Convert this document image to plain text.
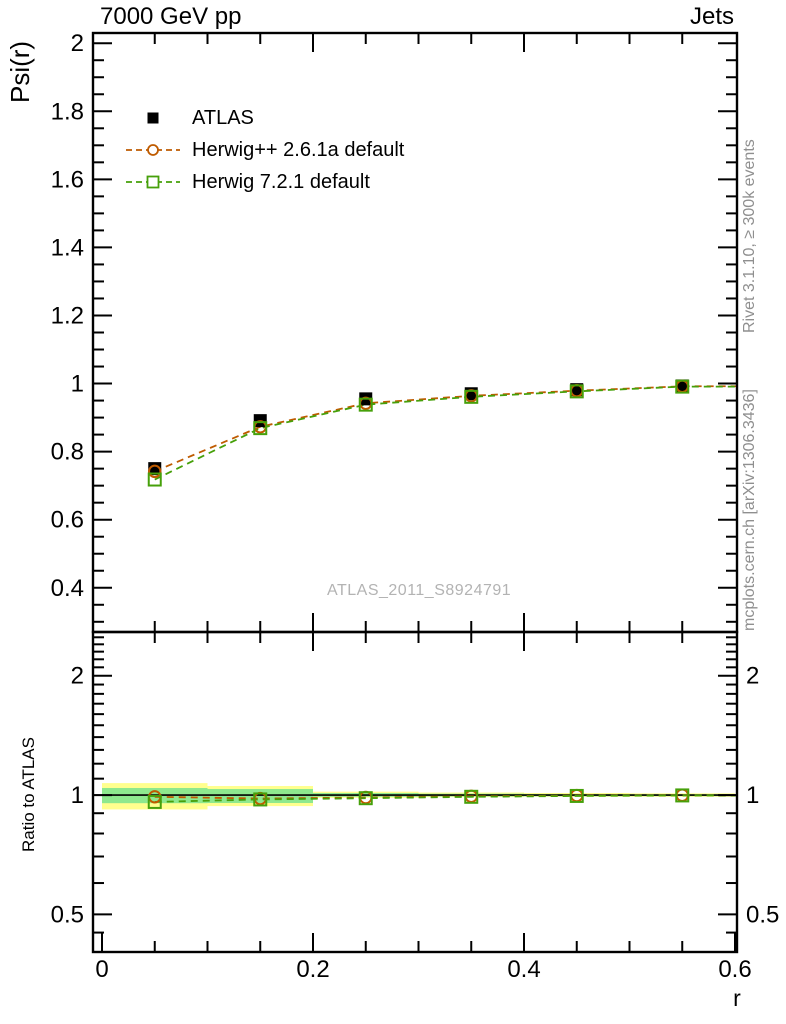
0.4
0.6
0.8
1
1.2
1.4
1.6
1.8
2
0.5	0.5
1	1
2	2
0	0.2	0.4	0.6
r
7000 GeV pp	Jets
Psi(r)
Ratio to ATLAS
Rivet 3.1.10, ≥ 300k events
mcplots.cern.ch [arXiv:1306.3436]
ATLAS_2011_S8924791
ATLAS
Herwig++ 2.6.1a default
Herwig 7.2.1 default
